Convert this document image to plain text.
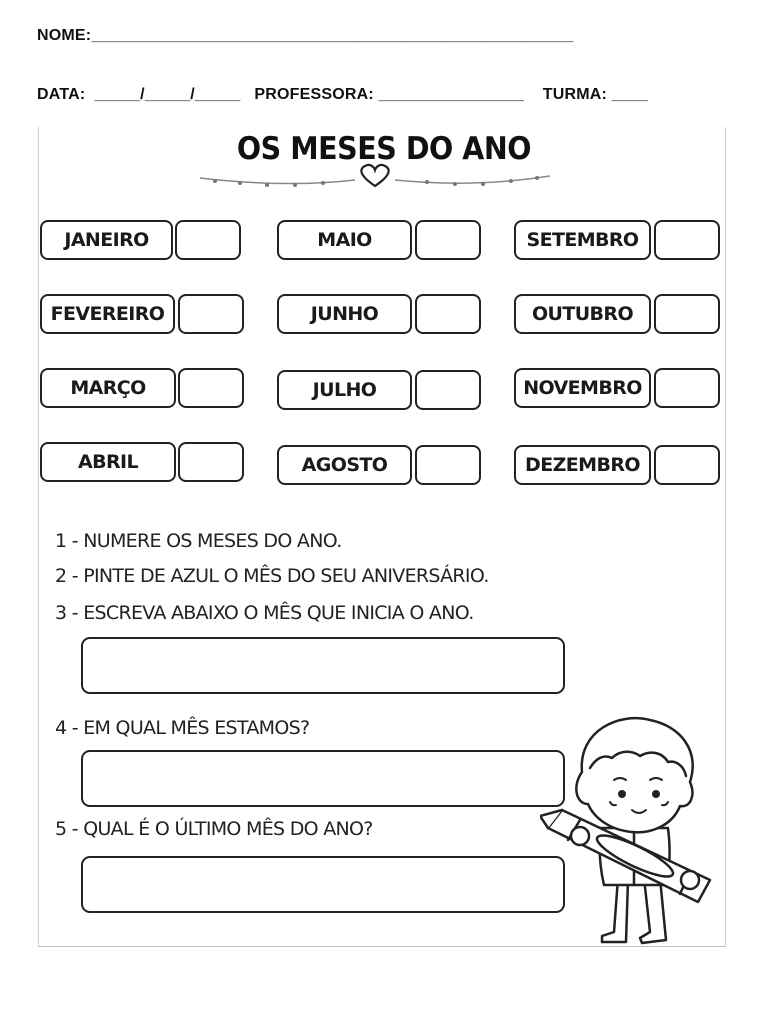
NOME:_____________________________________________________
DATA:  _____/_____/_____   PROFESSORA: ________________    TURMA: ____
OS MESES DO ANO
JANEIRO	MAIO	SETEMBRO
FEVEREIRO	JUNHO	OUTUBRO
MARÇO	JULHO	NOVEMBRO
ABRIL	AGOSTO	DEZEMBRO
1 - NUMERE OS MESES DO ANO.
2 - PINTE DE AZUL O MÊS DO SEU ANIVERSÁRIO.
3 - ESCREVA ABAIXO O MÊS QUE INICIA O ANO.
4 - EM QUAL MÊS ESTAMOS?
5 - QUAL É O ÚLTIMO MÊS DO ANO?
